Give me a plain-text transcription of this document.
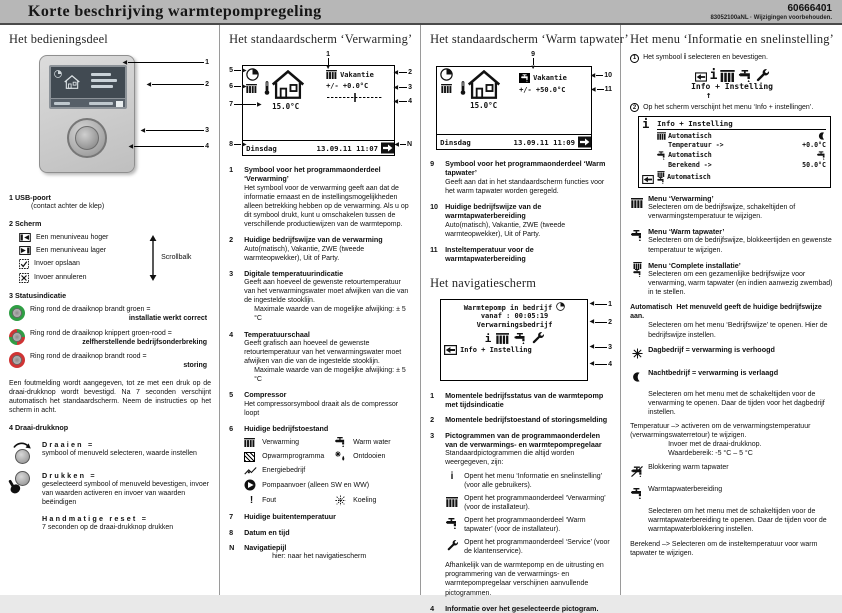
Korte beschrijving warmtepompregeling	60666401
83052100aNL · Wijzigingen voorbehouden.
Het bedieningsdeel
◀	1
◀	2
◀	3
◀	4
1 USB-poort
(contact achter de klep)
2 Scherm
Een menuniveau hoger
Een menuniveau lager
Invoer opslaan
Invoer annuleren
Scrollbalk
3 Statusindicatie
Ring rond de draaiknop brandt groen =
installatie werkt correct
Ring rond de draaiknop knippert groen-rood =
zelfherstellende bedrijfsonderbreking
Ring rond de draaiknop brandt rood =
storing

Een foutmelding wordt aangegeven, tot ze met een druk op de draai-drukknop wordt bevestigd. Na 7 seconden verschijnt automatisch het standaardscherm. Neem de instructies op het scherm in acht.

4 Draai-drukknop
Draaien =
symbool of menuveld selecteren, waarde instellen
Drukken =
geselecteerd symbool of menuveld bevestigen, invoer van waarden activeren en invoer van waarden beëindigen
Handmatige reset =
7 seconden op de draai-drukknop drukken
Het standaardscherm ‘Verwarming’
15.0°C
Vakantie
+/- +0.0°C
Dinsdag	13.09.11 11:07
1
▼
◀ 2
◀ 3
◀ 4
5 ▶
6 ▶
7	▶
8 ▶	◀ N
1	Symbool voor het programmaonderdeel ‘Verwarming’
Het symbool voor de verwarming geeft aan dat de informatie ernaast en de instellingsmogelijkheden alleen betrekking hebben op de verwarming. Als u op dit symbool drukt, kunt u omschakelen tussen de verschillende productiewijzen van de warmtepomp.
2	Huidige bedrijfswijze van de verwarming
Auto(matisch), Vakantie, ZWE (tweede warmteopwekker), Uit of Party.
3	Digitale temperatuurindicatie
Geeft aan hoeveel de gewenste retourtemperatuur van het verwarmingswater moet afwijken van die van de ingestelde stooklijn.
Maximale waarde van de mogelijke afwijking: ± 5 °C
4	Temperatuurschaal
Geeft grafisch aan hoeveel de gewenste retourtemperatuur van het verwarmingswater moet afwijken van die van de ingestelde stooklijn.
Maximale waarde van de mogelijke afwijking: ± 5 °C
5	Compressor
Het compressorsymbool draait als de compressor loopt
6	Huidige bedrijfstoestand
Verwarming	Warm water
Opwarmprogramma	Ontdooien
Energiebedrijf
Pompaanvoer (alleen SW en WW)
!	Fout	Koeling
7	Huidige buitentemperatuur
8	Datum en tijd
N	Navigatiepijl
hier: naar het navigatiescherm
Het standaardscherm ‘Warm tapwater’
15.0°C
Vakantie
+/- +50.0°C
Dinsdag	13.09.11 11:09
9
▼
◀ 10
◀ 11
9	Symbool voor het programmaonderdeel ‘Warm tapwater’
Geeft aan dat in het standaardscherm functies voor het warm tapwater worden geregeld.
10 Huidige bedrijfswijze van de warmtapwaterbereiding
Auto(matisch), Vakantie, ZWE (tweede warmteopwekker), Uit of Party.
11	Insteltemperatuur voor de warmtapwaterbereiding
Het navigatiescherm
Warmtepomp in bedrijf
vanaf : 00:05:19
Verwarmingsbedrijf
i
Info + Instelling
◀ 1
◀ 2
◀ 3
◀ 4
1	Momentele bedrijfsstatus van de warmtepomp met tijdsindicatie
2	Momentele bedrijfstoestand of storingsmelding
3	Pictogrammen van de programmaonderdelen van de verwarmings- en warmtepompregelaar
Standaardpictogrammen die altijd worden weergegeven, zijn:
i	Opent het menu ‘Informatie en snelinstelling’ (voor alle gebruikers).
Opent het programmaonderdeel ‘Verwarming’ (voor de installateur).
Opent het programmaonderdeel ‘Warm tapwater’ (voor de installateur).
Opent het programmaonderdeel ‘Service’ (voor de klantenservice).

Afhankelijk van de warmtepomp en de uitrusting en programmering van de verwarmings- en warmtepompregelaar verschijnen aanvullende pictogrammen.

4	Informatie over het geselecteerde pictogram.
Het menu ‘Informatie en snelinstelling’
1 Het symbool i selecteren en bevestigen.
i
Info + Instelling
↑
2 Op het scherm verschijnt het menu ‘Info + instellingen’.
i Info + Instelling
Automatisch
Temperatuur ->	+0.0°C
Automatisch
Berekend ->	50.0°C
Automatisch
Menu ‘Verwarming’
Selecteren om de bedrijfswijze, schakeltijden of verwarmingstemperatuur te wijzigen.
Menu ‘Warm tapwater’
Selecteren om de bedrijfswijze, blokkeertijden en gewenste temperatuur te wijzigen.
Menu ‘Complete installatie’
Selecteren om een gezamenlijke bedrijfswijze voor verwarming, warm tapwater (en indien aanwezig zwembad) in te stellen.
Automatisch Het menuveld geeft de huidige bedrijfswijze aan.
Selecteren om het menu ‘Bedrijfswijze’ te openen. Hier de bedrijfswijze instellen.
Dagbedrijf = verwarming is verhoogd
Nachtbedrijf = verwarming is verlaagd
Selecteren om het menu met de schakeltijden voor de verwarming te openen. Daar de tijden voor het dagbedrijf instellen.
Temperatuur –> activeren om de verwarmingstemperatuur (verwarmingswaterretour) te wijzigen.
Invoer met de draai-drukknop.
Waardebereik: -5 °C – 5 °C
Blokkering warm tapwater
Warmtapwaterbereiding
Selecteren om het menu met de schakeltijden voor de warmtapwaterbereiding te openen. Daar de tijden voor de warmtapwaterblokkering instellen.
Berekend –> Selecteren om de insteltemperatuur voor warm tapwater te wijzigen.
